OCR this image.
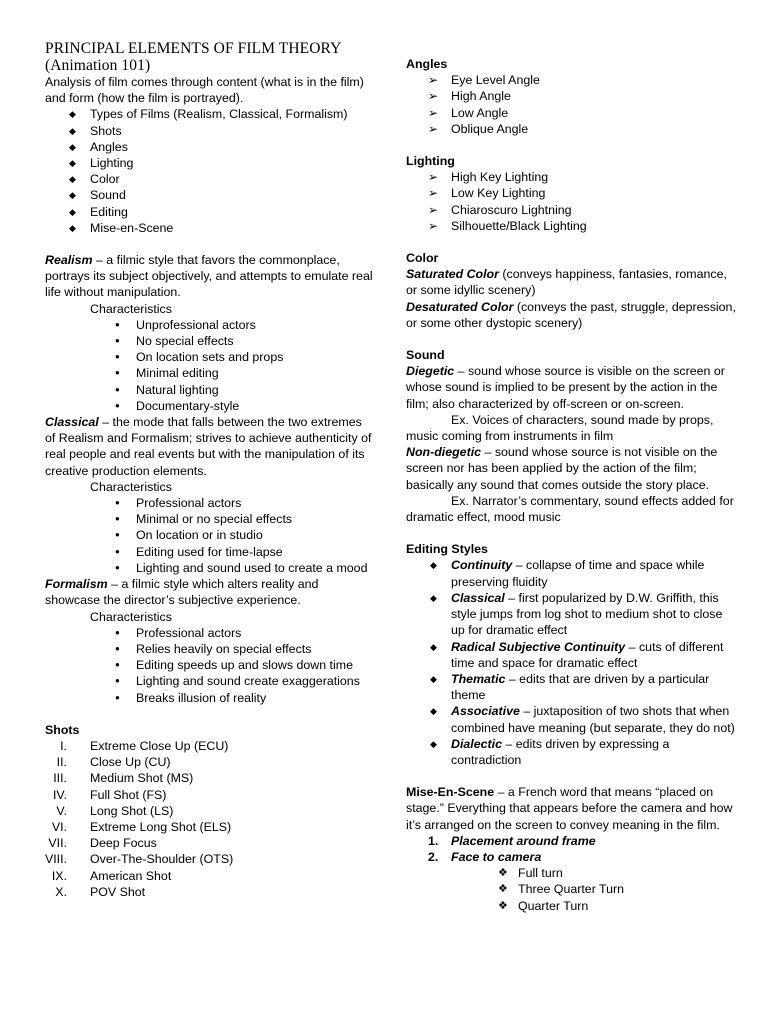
PRINCIPAL ELEMENTS OF FILM THEORY (Animation 101)

Analysis of film comes through content (what is in the film) and form (how the film is portrayed).

◆ Types of Films (Realism, Classical, Formalism)
◆ Shots
◆ Angles
◆ Lighting
◆ Color
◆ Sound
◆ Editing
◆ Mise-en-Scene

Realism – a filmic style that favors the commonplace, portrays its subject objectively, and attempts to emulate real life without manipulation.

Characteristics
● Unprofessional actors
● No special effects
● On location sets and props
● Minimal editing
● Natural lighting
● Documentary-style

Classical – the mode that falls between the two extremes of Realism and Formalism; strives to achieve authenticity of real people and real events but with the manipulation of its creative production elements.

Characteristics
● Professional actors
● Minimal or no special effects
● On location or in studio
● Editing used for time-lapse
● Lighting and sound used to create a mood

Formalism – a filmic style which alters reality and showcase the director’s subjective experience.

Characteristics
● Professional actors
● Relies heavily on special effects
● Editing speeds up and slows down time
● Lighting and sound create exaggerations
● Breaks illusion of reality
Shots
I. Extreme Close Up (ECU)
II. Close Up (CU)
III. Medium Shot (MS)
IV. Full Shot (FS)
V. Long Shot (LS)
VI. Extreme Long Shot (ELS)
VII. Deep Focus
VIII. Over-The-Shoulder (OTS)
IX. American Shot
X. POV Shot
Angles
➢ Eye Level Angle
➢ High Angle
➢ Low Angle
➢ Oblique Angle
Lighting
➢ High Key Lighting
➢ Low Key Lighting
➢ Chiaroscuro Lightning
➢ Silhouette/Black Lighting
Color

Saturated Color (conveys happiness, fantasies, romance, or some idyllic scenery)

Desaturated Color (conveys the past, struggle, depression, or some other dystopic scenery)

Sound

Diegetic – sound whose source is visible on the screen or whose sound is implied to be present by the action in the film; also characterized by off-screen or on-screen.

Ex. Voices of characters, sound made by props, music coming from instruments in film

Non-diegetic – sound whose source is not visible on the screen nor has been applied by the action of the film; basically any sound that comes outside the story place.

Ex. Narrator’s commentary, sound effects added for dramatic effect, mood music

Editing Styles
◆ Continuity – collapse of time and space while preserving fluidity
◆ Classical – first popularized by D.W. Griffith, this style jumps from log shot to medium shot to close up for dramatic effect
◆ Radical Subjective Continuity – cuts of different time and space for dramatic effect
◆ Thematic – edits that are driven by a particular theme
◆ Associative – juxtaposition of two shots that when combined have meaning (but separate, they do not)
◆ Dialectic – edits driven by expressing a contradiction

Mise-En-Scene – a French word that means “placed on stage.” Everything that appears before the camera and how it’s arranged on the screen to convey meaning in the film.

1. Placement around frame
2. Face to camera
❖ Full turn
❖ Three Quarter Turn
❖ Quarter Turn
